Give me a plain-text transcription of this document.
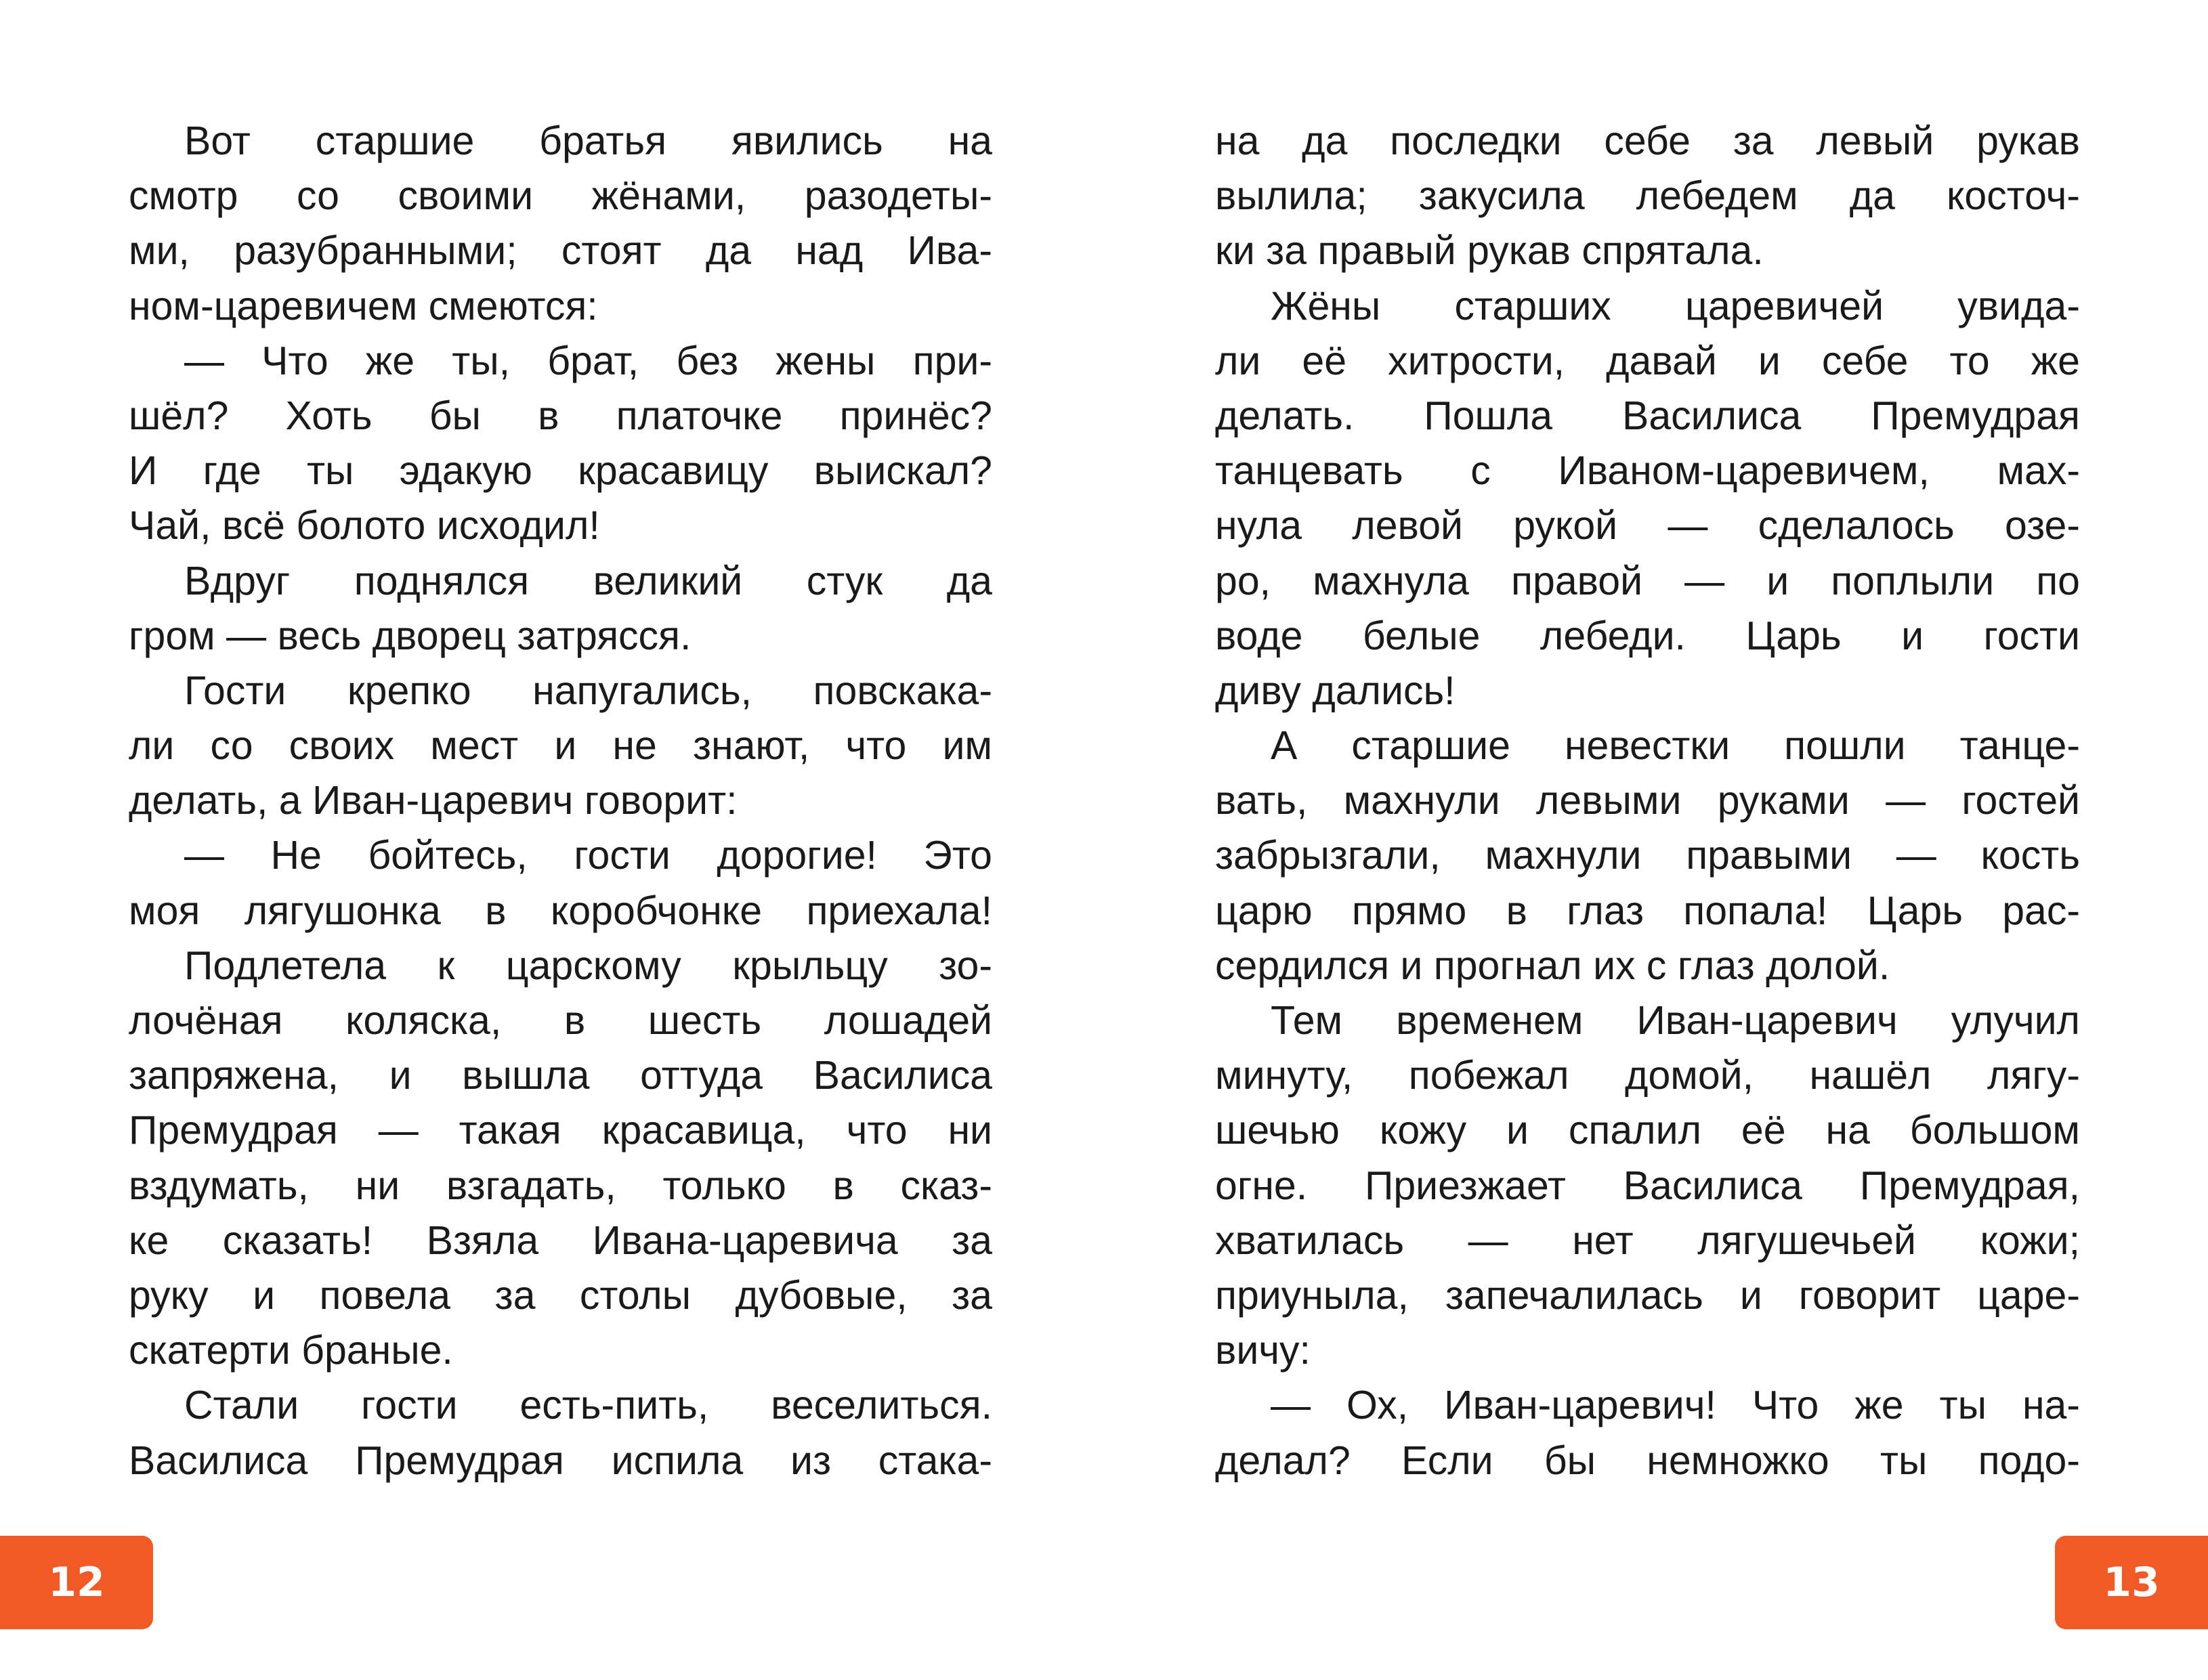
Вот старшие братья явились на
смотр со своими жёнами, разодеты-
ми, разубранными; стоят да над Ива-
ном-царевичем смеются:
— Что же ты, брат, без жены при-
шёл? Хоть бы в платочке принёс?
И где ты эдакую красавицу выискал?
Чай, всё болото исходил!
Вдруг поднялся великий стук да
гром — весь дворец затрясся.
Гости крепко напугались, повскака-
ли со своих мест и не знают, что им
делать, а Иван-царевич говорит:
— Не бойтесь, гости дорогие! Это
моя лягушонка в коробчонке приехала!
Подлетела к царскому крыльцу зо-
лочёная коляска, в шесть лошадей
запряжена, и вышла оттуда Василиса
Премудрая — такая красавица, что ни
вздумать, ни взгадать, только в сказ-
ке сказать! Взяла Ивана-царевича за
руку и повела за столы дубовые, за
скатерти браные.
Стали гости есть-пить, веселиться.
Василиса Премудрая испила из стака-
12
на да последки себе за левый рукав
вылила; закусила лебедем да косточ-
ки за правый рукав спрятала.
Жёны старших царевичей увида-
ли её хитрости, давай и себе то же
делать. Пошла Василиса Премудрая
танцевать с Иваном-царевичем, мах-
нула левой рукой — сделалось озе-
ро, махнула правой — и поплыли по
воде белые лебеди. Царь и гости
диву дались!
А старшие невестки пошли танце-
вать, махнули левыми руками — гостей
забрызгали, махнули правыми — кость
царю прямо в глаз попала! Царь рас-
сердился и прогнал их с глаз долой.
Тем временем Иван-царевич улучил
минуту, побежал домой, нашёл лягу-
шечью кожу и спалил её на большом
огне. Приезжает Василиса Премудрая,
хватилась — нет лягушечьей кожи;
приуныла, запечалилась и говорит царе-
вичу:
— Ох, Иван-царевич! Что же ты на-
делал? Если бы немножко ты подо-
13
